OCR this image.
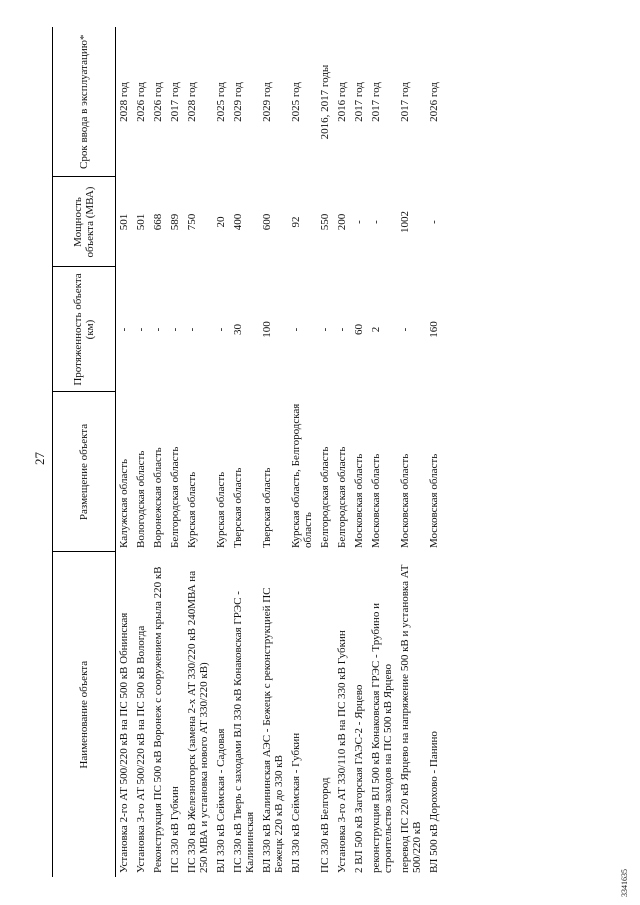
27
Наименование объекта	Размещение объекта	Протяженность объекта (км)	Мощность объекта (МВА)	Срок ввода в эксплуатацию*
Установка 2-го АТ 500/220 кВ на ПС 500 кВ Обнинская	Калужская область	-	501	2028 год
Установка 3-го АТ 500/220 кВ на ПС 500 кВ Вологда	Вологодская область	-	501	2026 год
Реконструкция ПС 500 кВ Воронеж с сооружением крыла 220 кВ	Воронежская область	-	668	2026 год
ПС 330 кВ Губкин	Белгородская область	-	589	2017 год
ПС 330 кВ Железногорск (замена 2-х АТ 330/220 кВ 240МВА на 250 МВА и установка нового АТ 330/220 кВ)	Курская область	-	750	2028 год
ВЛ 330 кВ Сеймская - Садовая	Курская область	-	20	2025 год
ПС 330 кВ Тверь с заходами ВЛ 330 кВ Конаковская ГРЭС - Калининская	Тверская область	30	400	2029 год
ВЛ 330 кВ Калининская АЭС - Бежецк с реконструкцией ПС Бежецк 220 кВ до 330 кВ	Тверская область	100	600	2029 год
ВЛ 330 кВ Сеймская - Губкин	Курская область, Белгородская область	-	92	2025 год
ПС 330 кВ Белгород	Белгородская область	-	550	2016, 2017 годы
Установка 3-го АТ 330/110 кВ на ПС 330 кВ Губкин	Белгородская область	-	200	2016 год
2 ВЛ 500 кВ Загорская ГАЭС-2 - Ярцево	Московская область	60	-	2017 год
реконструкция ВЛ 500 кВ Конаковская ГРЭС - Трубино и строительство заходов на ПС 500 кВ Ярцево	Московская область	2	-	2017 год
перевод ПС 220 кВ Ярцево на напряжение 500 кВ и установка АТ 500/220 кВ	Московская область	-	1002	2017 год
ВЛ 500 кВ Дорохово - Панино	Московская область	160	-	2026 год
3341635
